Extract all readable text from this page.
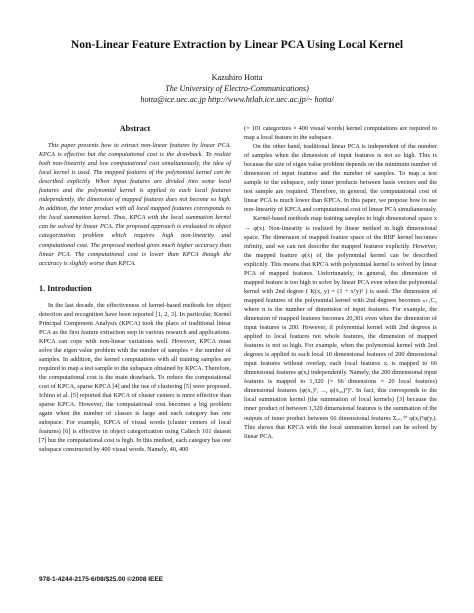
Non-Linear Feature Extraction by Linear PCA Using Local Kernel
Kazuhiro Hotta
The University of Electro-Communications)
hotta@ice.uec.ac.jp http://www.htlab.ice.uec.ac.jp/~ hotta/
Abstract

This paper presents how to extract non-linear features by linear PCA. KPCA is effective but the computational cost is the drawback. To realize both non-linearity and low computational cost simultaneously, the idea of local kernel is used. The mapped features of the polynomial kernel can be described explicitly. When input features are divided into some local features and the polynomial kernel is applied to each local features independently, the dimension of mapped features does not become so high. In addition, the inner product with all local mapped features corresponds to the local summation kernel. Thus, KPCA with the local summation kernel can be solved by linear PCA. The proposed approach is evaluated in object categorization problem which requires high non-linearity and computational cost. The proposed method gives much higher accuracy than linear PCA. The computational cost is lower than KPCA though the accuracy is slightly worse than KPCA.

1. Introduction

In the last decade, the effectiveness of kernel-based methods for object detection and recognition have been reported [1, 2, 3]. In particular, Kernel Principal Component Analysis (KPCA) took the place of traditional linear PCA as the first feature extraction step in various research and applications. KPCA can cope with non-linear variations well. However, KPCA must solve the eigen value problem with the number of samples × the number of samples. In addition, the kernel computations with all training samples are required to map a test sample to the subspace obtained by KPCA. Therefore, the computational cost is the main drawback. To reduce the computational cost of KPCA, sparse KPCA [4] and the use of clustering [5] were proposed. Ichino et al. [5] reported that KPCA of cluster centers is more effective than sparse KPCA. However, the computational cost becomes a big problem again when the number of classes is large and each category has one subspace. For example, KPCA of visual words (cluster centers of local features) [6] is effective in object categorization using Caltech 101 dataset [7] but the computational cost is high. In this method, each category has one subspace constructed by 400 visual words. Namely, 40, 400

(= 101 categorizes × 400 visual words) kernel computations are required to map a local feature to the subspace.

On the other hand, traditional linear PCA is independent of the number of samples when the dimension of input features is not so high. This is because the size of eigen value problem depends on the minimum number of dimension of input features and the number of samples. To map a test sample to the subspace, only inner products between basis vectors and the test sample are required. Therefore, in general, the computational cost of linear PCA is much lower than KPCA. In this paper, we propose how to use non-linearity of KPCA and computational cost of linear PCA simultaneously.

Kernel-based methods map training samples to high dimensional space x → φ(x). Non-linearity is realized by linear method in high dimensional space. The dimension of mapped feature space of the RBF kernel becomes infinity, and we can not describe the mapped features explicitly. However, the mapped feature φ(x) of the polynomial kernel can be described explicitly. This means that KPCA with polynomial kernel is solved by linear PCA of mapped features. Unfortunately, in general, the dimension of mapped feature is too high to solve by linear PCA even when the polynomial kernel with 2nd degree ( K(x, y) = (1 + xᵀy)² ) is used. The dimension of mapped features of the polynomial kernel with 2nd degrees becomes ₙ₊₁C₂ where n is the number of dimension of input features. For example, the dimension of mapped features becomes 20,301 even when the dimension of input features is 200. However, if polynomial kernel with 2nd degrees is applied to local features not whole features, the dimension of mapped features is not so high. For example, when the polynomial kernel with 2nd degrees is applied to each local 10 dimensional features of 200 dimensional input features without overlap, each local features xᵢ is mapped to 66 dimensional features φ(xᵢ) independently. Namely, the 200 dimensional input features is mapped to 1,320 (= 66 dimensions × 20 local features) dimensional features (φ(x₁)ᵀ, ..., φ(x₂₀)ᵀ)ᵀ. In fact, this corresponds to the local summation kernel (the summation of local kernels) [3] because the inner product of between 1,320 dimensional features is the summation of the outputs of inner product between 66 dimensional features Σᵢ₌₁²⁰ φ(xᵢ)ᵀφ(yᵢ). This shows that KPCA with the local summation kernel can be solved by linear PCA.

978-1-4244-2175-6/08/$25.00 ©2008 IEEE
